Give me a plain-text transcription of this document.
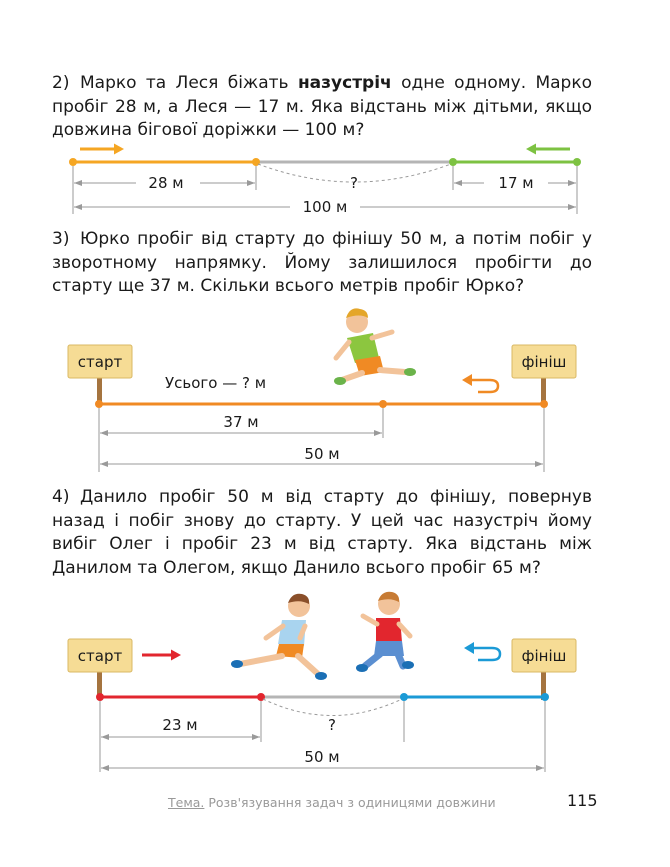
2) Марко та Леся біжать назустріч одне одному. Марко пробіг 28 м, а Леся — 17 м. Яка відстань між дітьми, якщо довжина бігової доріжки — 100 м?

28 м	?	17 м
100 м

3) Юрко пробіг від старту до фінішу 50 м, а потім побіг у зворотному напрямку. Йому залишилося пробігти до старту ще 37 м. Скільки всього метрів пробіг Юрко?

старт	фініш
Усього — ? м
37 м
50 м

4) Данило пробіг 50 м від старту до фінішу, повернув назад і побіг знову до старту. У цей час назустріч йому вибіг Олег і пробіг 23 м від старту. Яка відстань між Данилом та Олегом, якщо Данило всього пробіг 65 м?

старт	фініш
23 м	?
50 м
Тема. Розв'язування задач з одиницями довжини	115
